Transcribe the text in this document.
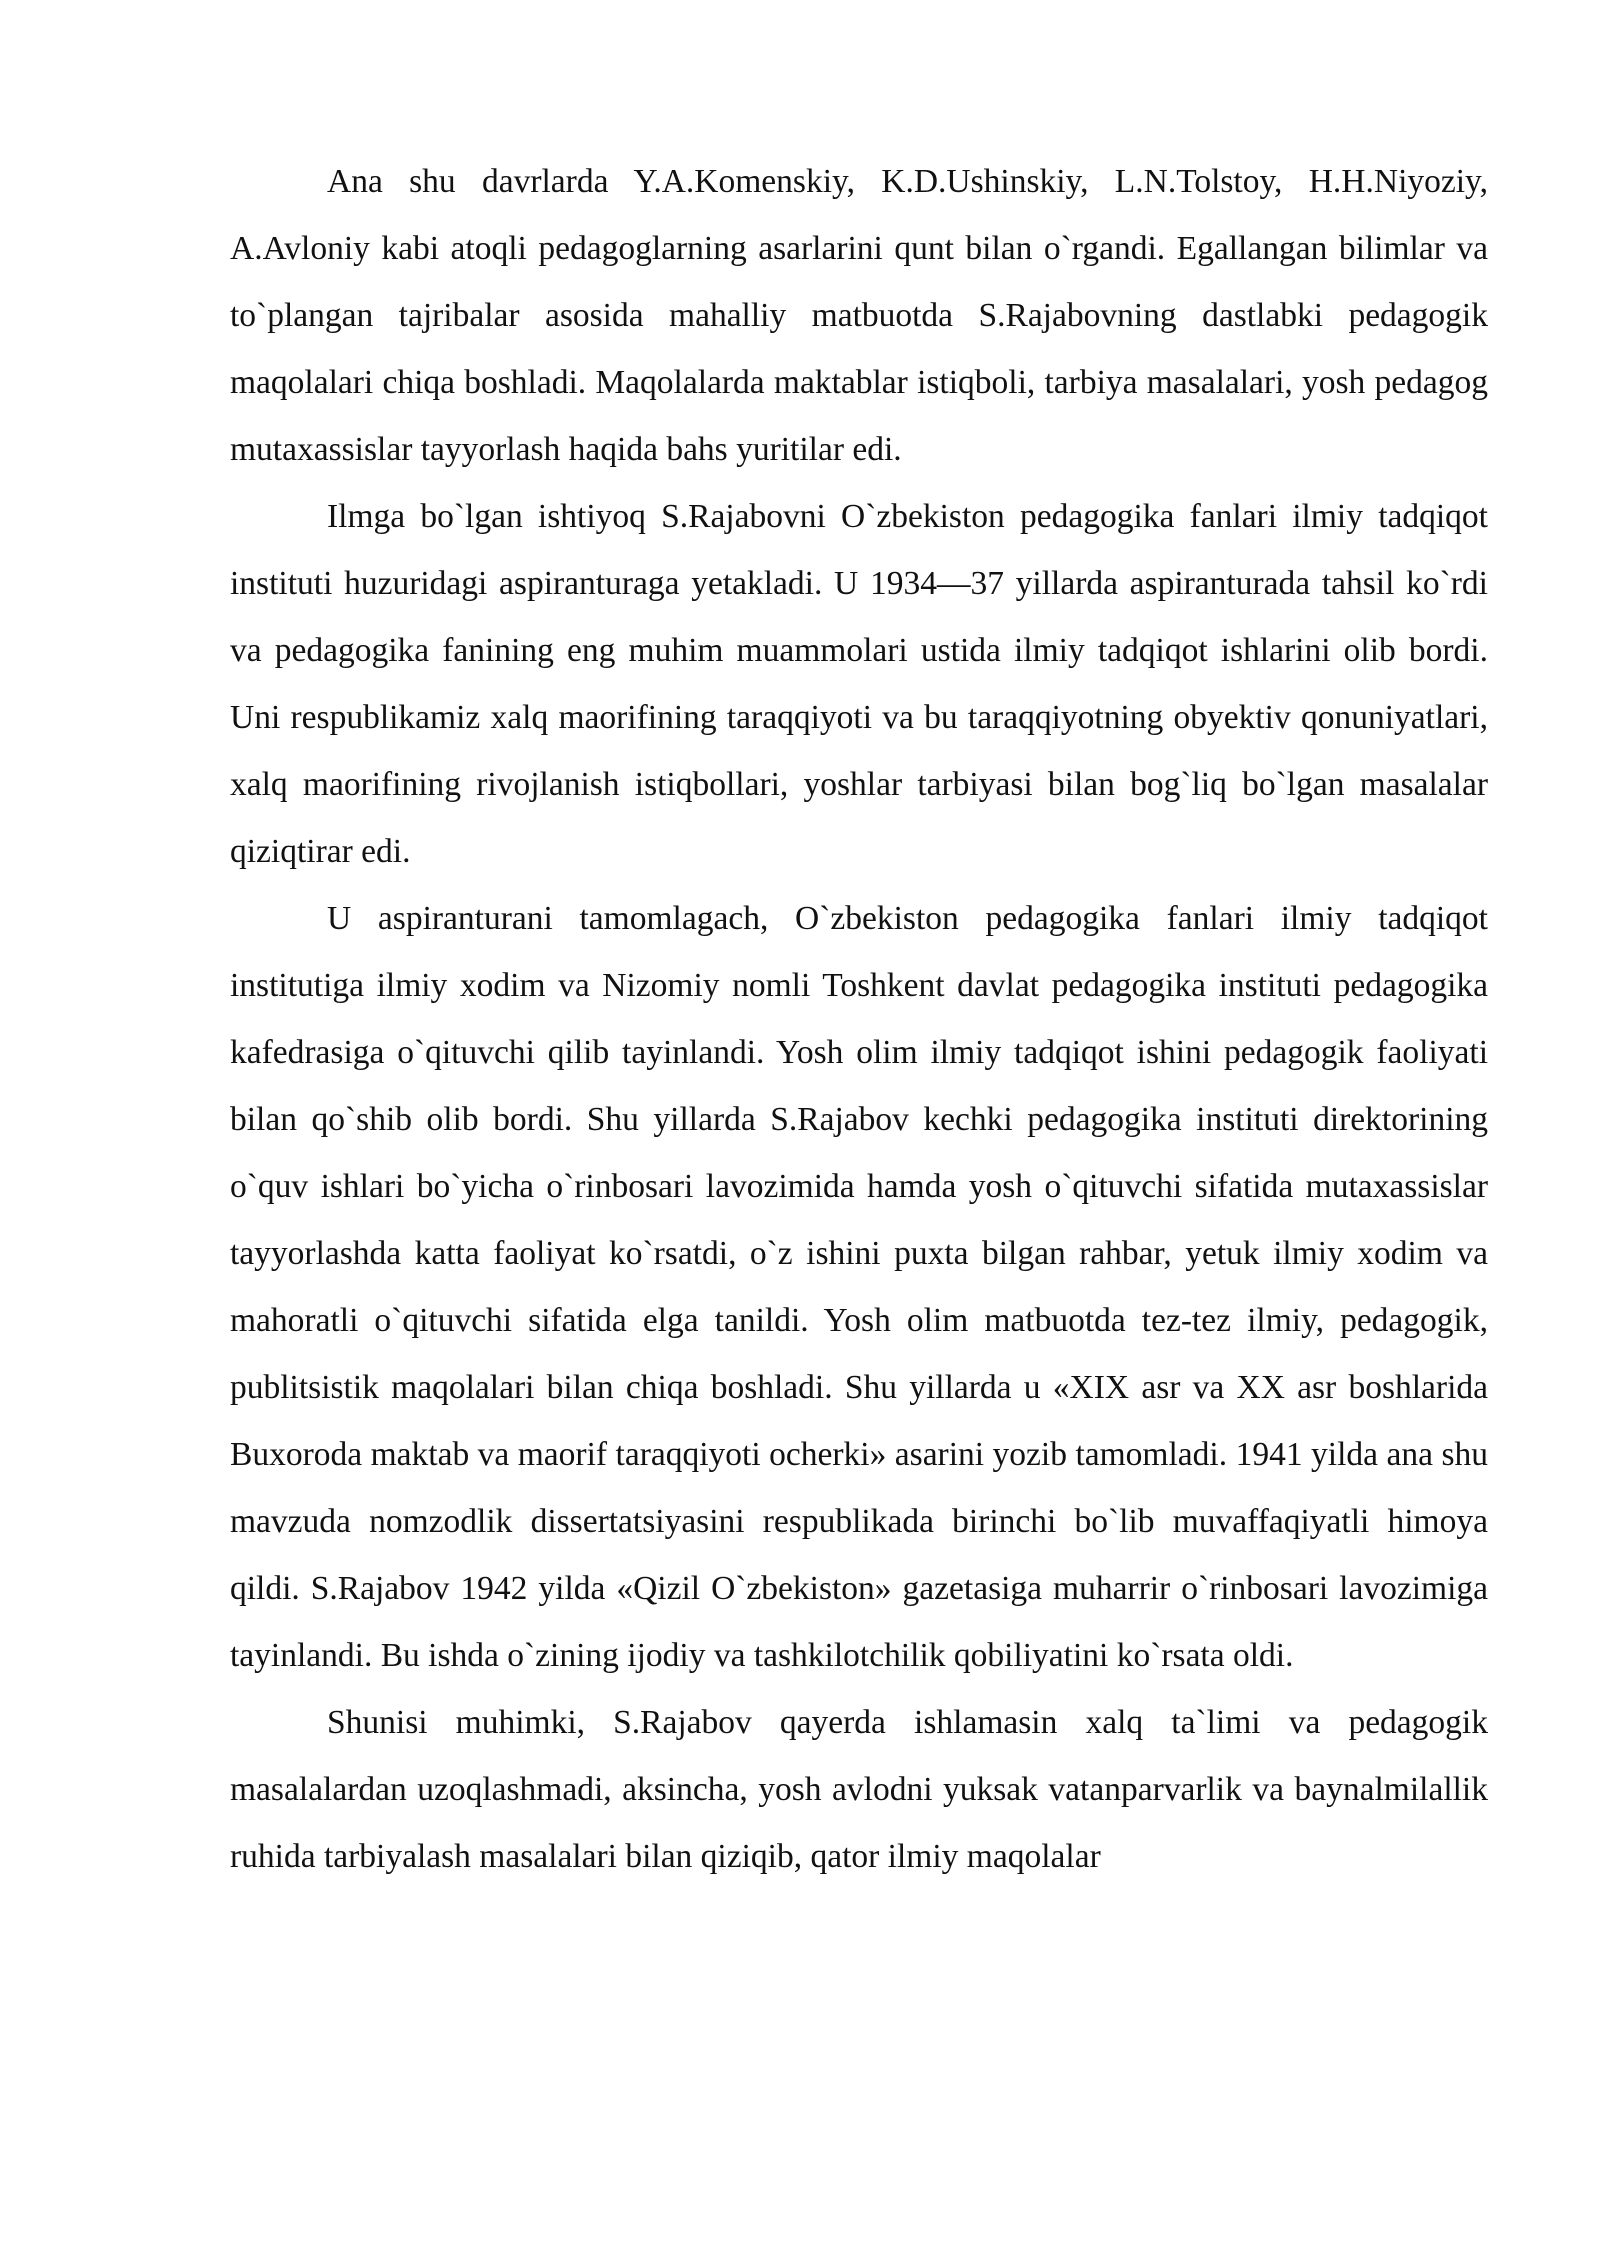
Ana shu davrlarda Y.A.Komenskiy, K.D.Ushinskiy, L.N.Tolstoy, H.H.Niyoziy, A.Avloniy kabi atoqli pedagoglarning asarlarini qunt bilan o`rgandi. Egallangan bilimlar va to`plangan tajribalar asosida mahalliy matbuotda S.Rajabovning dastlabki pedagogik maqolalari chiqa boshladi. Maqolalarda maktablar istiqboli, tarbiya masalalari, yosh pedagog mutaxassislar tayyorlash haqida bahs yuritilar edi.

Ilmga bo`lgan ishtiyoq S.Rajabovni O`zbekiston pedagogika fanlari ilmiy tadqiqot instituti huzuridagi aspiranturaga yetakladi. U 1934—37 yillarda aspiranturada tahsil ko`rdi va pedagogika fanining eng muhim muammolari ustida ilmiy tadqiqot ishlarini olib bordi. Uni respublikamiz xalq maorifining taraqqiyoti va bu taraqqiyotning obyektiv qonuniyatlari, xalq maorifining rivojlanish istiqbollari, yoshlar tarbiyasi bilan bog`liq bo`lgan masalalar qiziqtirar edi.

U aspiranturani tamomlagach, O`zbekiston pedagogika fanlari ilmiy tadqiqot institutiga ilmiy xodim va Nizomiy nomli Toshkent davlat pedagogika instituti pedagogika kafedrasiga o`qituvchi qilib tayinlandi. Yosh olim ilmiy tadqiqot ishini pedagogik faoliyati bilan qo`shib olib bordi. Shu yillarda S.Rajabov kechki pedagogika instituti direktorining o`quv ishlari bo`yicha o`rinbosari lavozimida hamda yosh o`qituvchi sifatida mutaxassislar tayyorlashda katta faoliyat ko`rsatdi, o`z ishini puxta bilgan rahbar, yetuk ilmiy xodim va mahoratli o`qituvchi sifatida elga tanildi. Yosh olim matbuotda tez-tez ilmiy, pedagogik, publitsistik maqolalari bilan chiqa boshladi. Shu yillarda u «XIX asr va XX asr boshlarida Buxoroda maktab va maorif taraqqiyoti ocherki» asarini yozib tamomladi. 1941 yilda ana shu mavzuda nomzodlik dissertatsiyasini respublikada birinchi bo`lib muvaffaqiyatli himoya qildi. S.Rajabov 1942 yilda «Qizil O`zbekiston» gazetasiga muharrir o`rinbosari lavozimiga tayinlandi. Bu ishda o`zining ijodiy va tashkilotchilik qobiliyatini ko`rsata oldi.

Shunisi muhimki, S.Rajabov qayerda ishlamasin xalq ta`limi va pedagogik masalalardan uzoqlashmadi, aksincha, yosh avlodni yuksak vatanparvarlik va baynalmilallik ruhida tarbiyalash masalalari bilan qiziqib, qator ilmiy maqolalar
